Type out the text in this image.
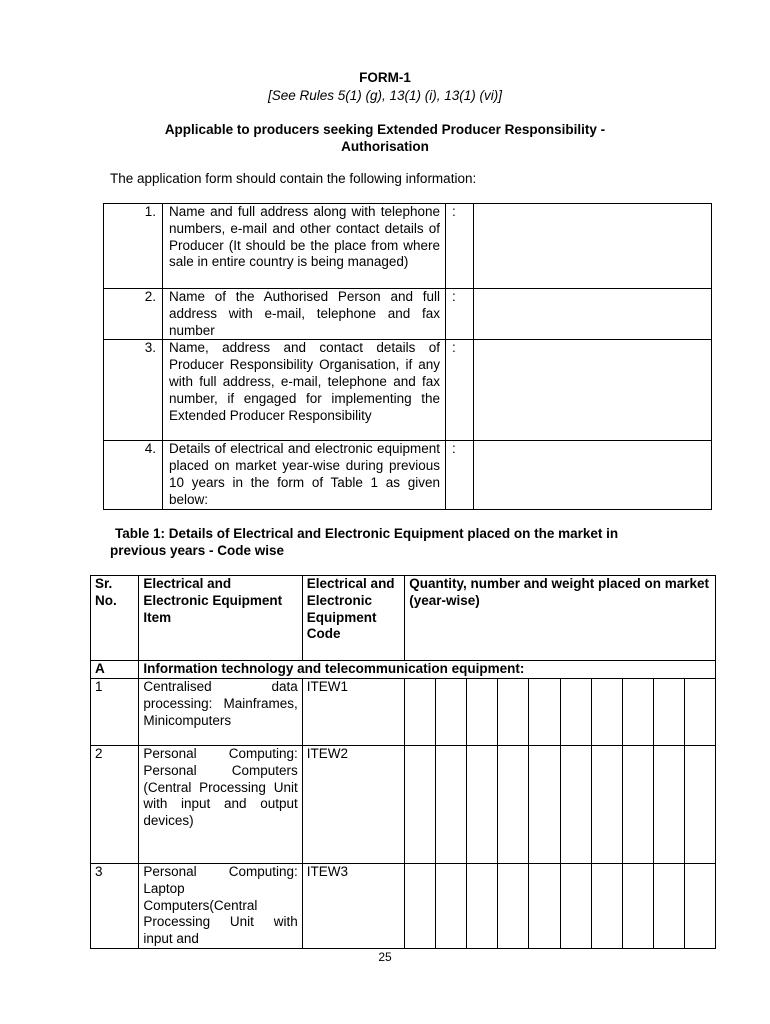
FORM-1
[See Rules 5(1) (g), 13(1) (i), 13(1) (vi)]
Applicable to producers seeking Extended Producer Responsibility -
Authorisation
The application form should contain the following information:
1.	Name and full address along with telephone numbers, e-mail and other contact details of Producer (It should be the place from where sale in entire country is being managed)	:	
2.	Name of the Authorised Person and full address with e-mail, telephone and fax number	:	
3.	Name, address and contact details of Producer Responsibility Organisation, if any with full address, e-mail, telephone and fax number, if engaged for implementing the Extended Producer Responsibility	:	
4.	Details of electrical and electronic equipment placed on market year-wise during previous 10 years in the form of Table 1 as given below:	:	
Table 1: Details of Electrical and Electronic Equipment placed on the market in
previous years - Code wise
Sr. No.	Electrical and Electronic Equipment Item	Electrical and Electronic Equipment Code	Quantity, number and weight placed on market (year-wise)									
A	Information technology and telecommunication equipment:											
1	Centralised data processing: Mainframes, Minicomputers	ITEW1										
2	Personal Computing: Personal Computers (Central Processing Unit with input and output devices)	ITEW2										
3	Personal Computing: Laptop Computers(Central Processing Unit with input and	ITEW3										
25
